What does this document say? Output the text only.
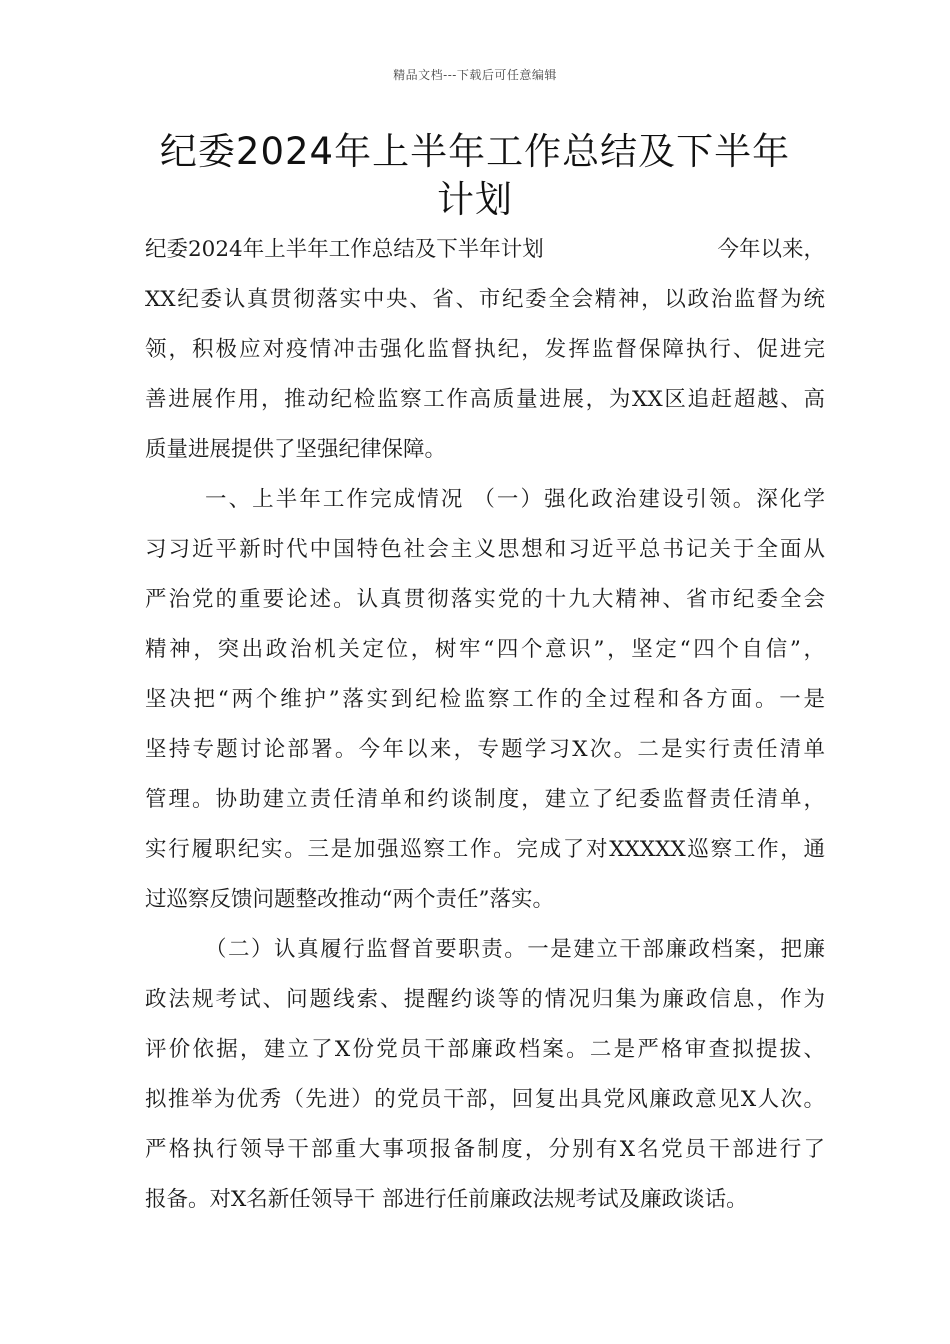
精品文档---下载后可任意编辑
纪委2024年上半年工作总结及下半年
计划
纪委2024年上半年工作总结及下半年计划	今年以来，
XX纪委认真贯彻落实中央、省、市纪委全会精神，以政治监督为统
领，积极应对疫情冲击强化监督执纪，发挥监督保障执行、促进完
善进展作用，推动纪检监察工作高质量进展，为XX区追赶超越、高
质量进展提供了坚强纪律保障。
一、上半年工作完成情况 （一）强化政治建设引领。深化学
习习近平新时代中国特色社会主义思想和习近平总书记关于全面从
严治党的重要论述。认真贯彻落实党的十九大精神、省市纪委全会
精神，突出政治机关定位，树牢“四个意识”，坚定“四个自信”，
坚决把“两个维护”落实到纪检监察工作的全过程和各方面。一是
坚持专题讨论部署。今年以来，专题学习X次。二是实行责任清单
管理。协助建立责任清单和约谈制度，建立了纪委监督责任清单，
实行履职纪实。三是加强巡察工作。完成了对XXXXX巡察工作，通
过巡察反馈问题整改推动“两个责任”落实。
（二）认真履行监督首要职责。一是建立干部廉政档案，把廉
政法规考试、问题线索、提醒约谈等的情况归集为廉政信息，作为
评价依据，建立了X份党员干部廉政档案。二是严格审查拟提拔、
拟推举为优秀（先进）的党员干部，回复出具党风廉政意见X人次。
严格执行领导干部重大事项报备制度，分别有X名党员干部进行了
报备。对X名新任领导干 部进行任前廉政法规考试及廉政谈话。
